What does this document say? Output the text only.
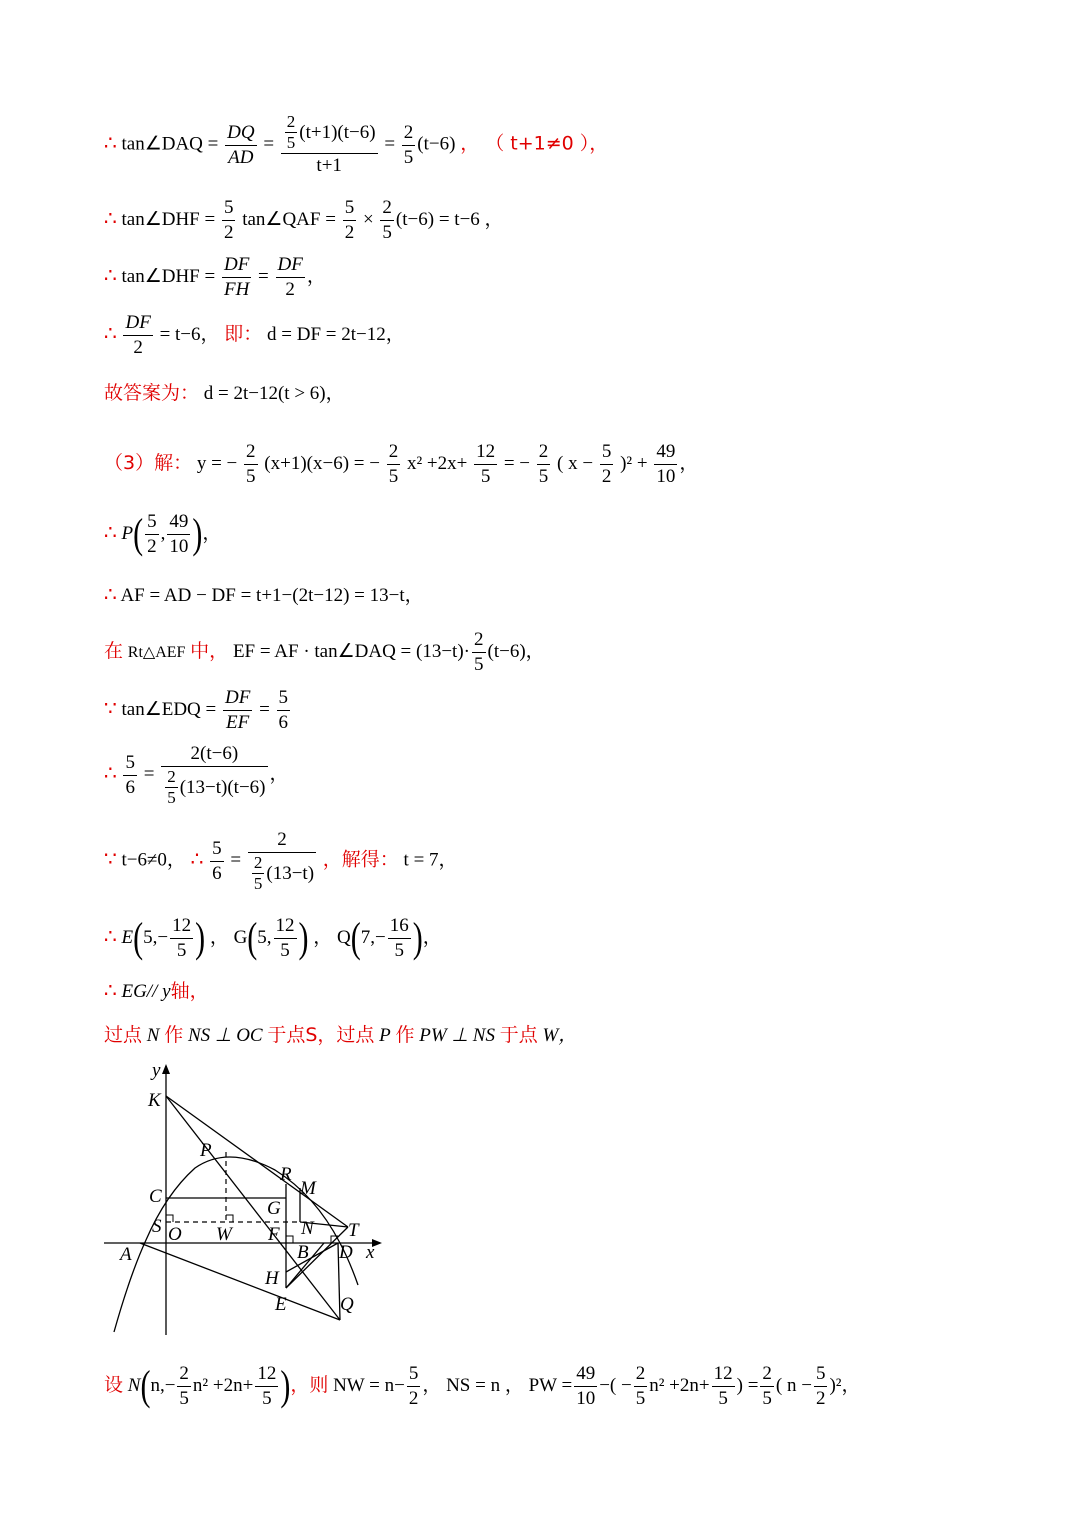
∴ tan∠DAQ = $\frac{DQ}{AD} = \frac{\frac{2}{5} (t+1)(t-6)}{t+1} = \frac{2}{5} (t-6)$ ， （ t+1≠0 ），
∴ tan∠DHF = $\frac{5}{2}$ tan∠QAF = $\frac{5}{2} \times \frac{2}{5} (t-6) = t-6$ ，
∴ tan∠DHF = $\frac{DF}{FH} = \frac{DF}{2}$ ，
∴ $\frac{DF}{2} = t-6$， 即： d = DF = 2t−12，
故答案为： d = 2t−12(t > 6)，
（3）解： y = − $\frac{2}{5} (x+1)(x-6)$ = − $\frac{2}{5} x^2 +2x+ \frac{12}{5}$ = − $\frac{2}{5}$ ( $x - \frac{5}{2} )^2 + \frac{49}{10}$ ，
∴ $P( \frac{5}{2}$ , $\frac{49}{10}$ )，
∴ AF = AD − DF = t+1−(2t−12) = 13−t，
在 Rt△AEF 中， EF = AF · tan∠DAQ = $(13-t)\cdot \frac{2}{5} (t-6)$，
∵ tan∠EDQ = $\frac{DF}{EF} = \frac{5}{6}$
∴ $\frac{5}{6} = \frac{2(t-6)}{\frac{2}{5} (13-t)(t-6)}$ ，
∵ t−6≠0， ∴ $\frac{5}{6} = \frac{2}{\frac{2}{5} (13-t)}$ ，解得： t = 7，
∴ $E(5,- \frac{12}{5}$ ) ， G(5, $\frac{12}{5}$ ) ， $Q(7,- \frac{16}{5}$ )，
∴ EG// y轴，
过点 N 作 NS ⊥ OC 于点S，过点 P 作 PW ⊥ NS 于点 W，
y
x
K
P
R
M
C
G
S O W F N T
A	B D
H
E	Q
设 $N(n,- \frac{2}{5} n^2 +2n+ \frac{12}{5}$ )，则 NW = $n- \frac{5}{2}$ ， NS = n ， PW = $\frac{49}{10}$ −( − $\frac{2}{5} n^2 +2n+ \frac{12}{5}$ ) = $\frac{2}{5}$ ( $n - \frac{5}{2} )^2$，
